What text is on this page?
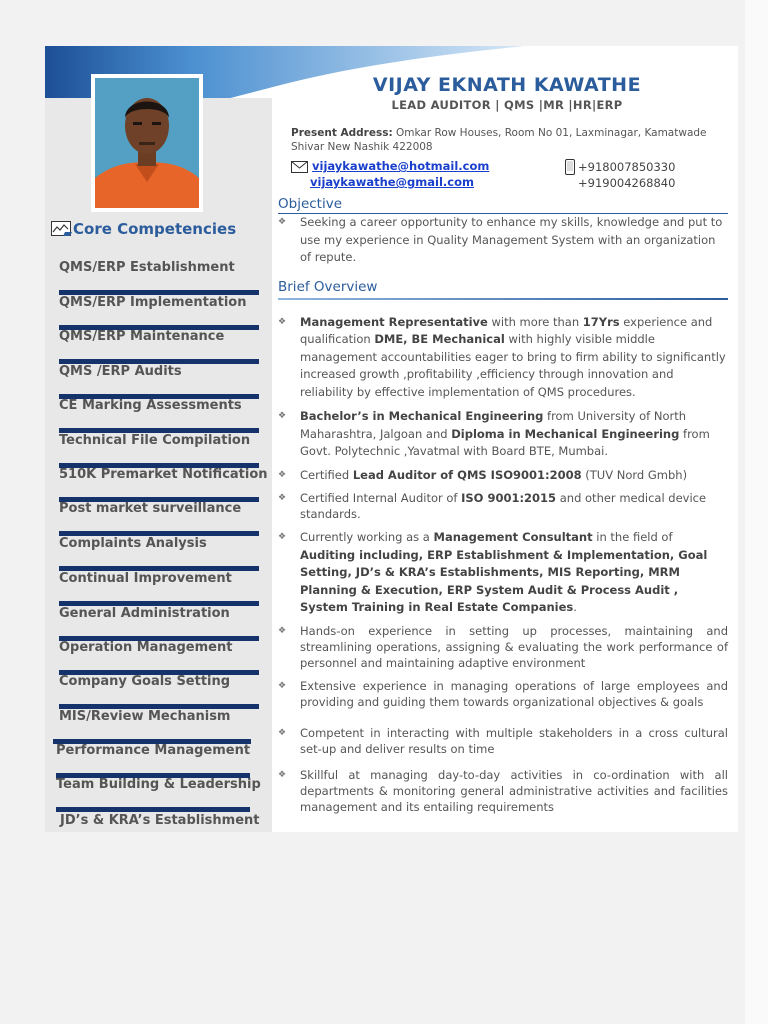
VIJAY EKNATH KAWATHE
LEAD AUDITOR | QMS |MR |HR|ERP
Present Address: Omkar Row Houses, Room No 01, Laxminagar, Kamatwade Shivar New Nashik 422008
vijaykawathe@hotmail.com
vijaykawathe@gmail.com
+918007850330
+919004268840
Core Competencies
QMS/ERP Establishment
QMS/ERP Implementation
QMS/ERP Maintenance
QMS /ERP Audits
CE Marking Assessments
Technical File Compilation
510K Premarket Notification
Post market surveillance
Complaints Analysis
Continual Improvement
General Administration
Operation Management
Company Goals Setting
MIS/Review Mechanism
Performance Management
Team Building & Leadership
JD’s & KRA’s Establishment
Objective
❖ Seeking a career opportunity to enhance my skills, knowledge and put to use my experience in Quality Management System with an organization of repute.
Brief Overview
❖ Management Representative with more than 17Yrs experience and qualification DME, BE Mechanical with highly visible middle management accountabilities eager to bring to firm ability to significantly increased growth ,profitability ,efficiency through innovation and reliability by effective implementation of QMS procedures.
❖ Bachelor’s in Mechanical Engineering from University of North Maharashtra, Jalgoan and Diploma in Mechanical Engineering from Govt. Polytechnic ,Yavatmal with Board BTE, Mumbai.
❖ Certified Lead Auditor of QMS ISO9001:2008 (TUV Nord Gmbh)
❖ Certified Internal Auditor of ISO 9001:2015 and other medical device standards.
❖ Currently working as a Management Consultant in the field of Auditing including, ERP Establishment & Implementation, Goal Setting, JD’s & KRA’s Establishments, MIS Reporting, MRM Planning & Execution, ERP System Audit & Process Audit , System Training in Real Estate Companies.
❖ Hands-on experience in setting up processes, maintaining and streamlining operations, assigning & evaluating the work performance of personnel and maintaining adaptive environment
❖ Extensive experience in managing operations of large employees and providing and guiding them towards organizational objectives & goals
❖ Competent in interacting with multiple stakeholders in a cross cultural set-up and deliver results on time
❖ Skillful at managing day-to-day activities in co-ordination with all departments & monitoring general administrative activities and facilities management and its entailing requirements
